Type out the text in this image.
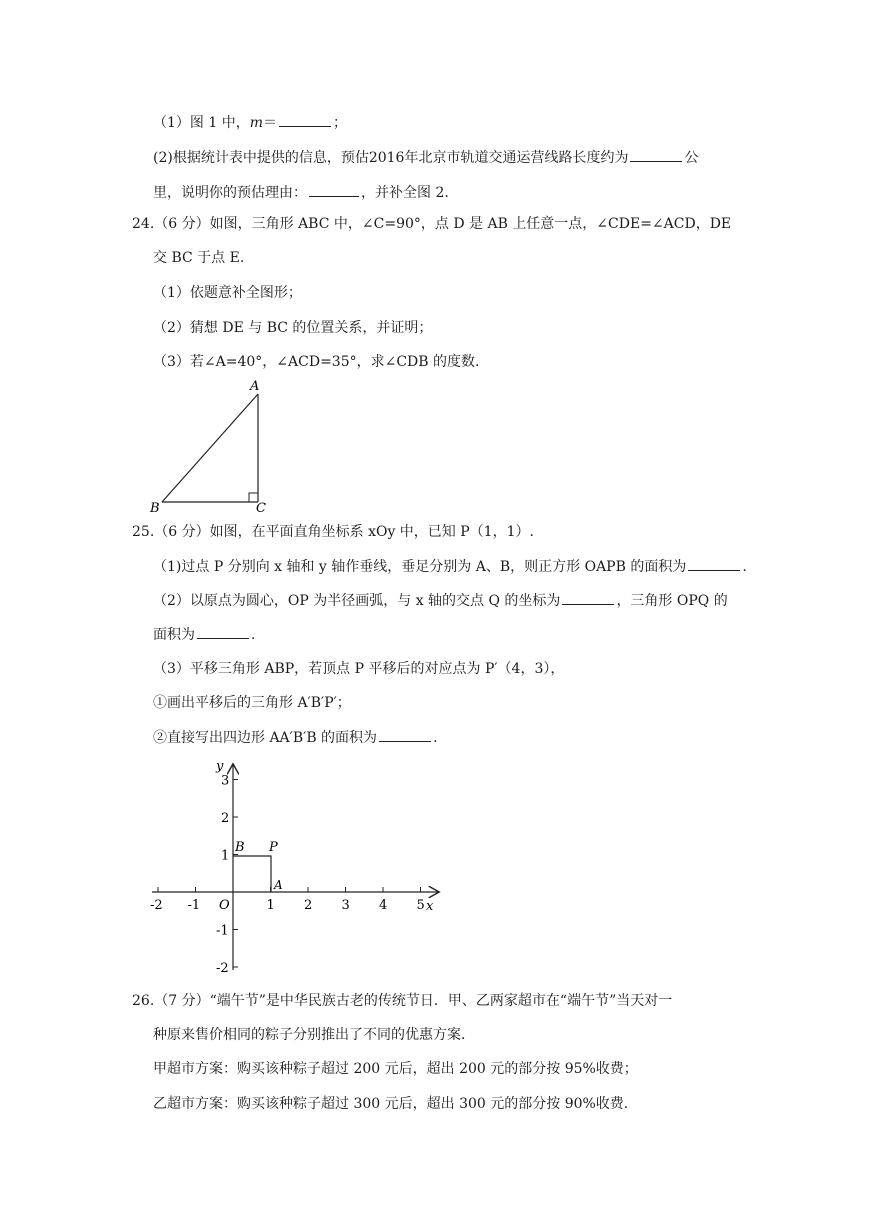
（1）图 1 中，m＝	；
(2)根据统计表中提供的信息，预估2016年北京市轨道交通运营线路长度约为	公
里，说明你的预估理由：	，并补全图 2.
24.（6 分）如图，三角形 ABC 中，∠C=90°，点 D 是 AB 上任意一点，∠CDE=∠ACD，DE
交 BC 于点 E.
（1）依题意补全图形；
（2）猜想 DE 与 BC 的位置关系，并证明；
（3）若∠A=40°，∠ACD=35°，求∠CDB 的度数.
A
B	C
25.（6 分）如图，在平面直角坐标系 xOy 中，已知 P（1，1）.
（1)过点 P 分别向 x 轴和 y 轴作垂线，垂足分别为 A、B，则正方形 OAPB 的面积为	.
（2）以原点为圆心，OP 为半径画弧，与 x 轴的交点 Q 的坐标为	，三角形 OPQ 的
面积为	.
（3）平移三角形 ABP，若顶点 P 平移后的对应点为 P′（4，3），
①画出平移后的三角形 A′B′P′；
②直接写出四边形 AA′B′B 的面积为	.
-2 -1	1 2 3 4 5
3
2
1
-1
-2
x
y
O
B P
A
26.（7 分）“端午节”是中华民族古老的传统节日．甲、乙两家超市在“端午节”当天对一
种原来售价相同的粽子分别推出了不同的优惠方案.
甲超市方案：购买该种粽子超过 200 元后，超出 200 元的部分按 95%收费；
乙超市方案：购买该种粽子超过 300 元后，超出 300 元的部分按 90%收费.
